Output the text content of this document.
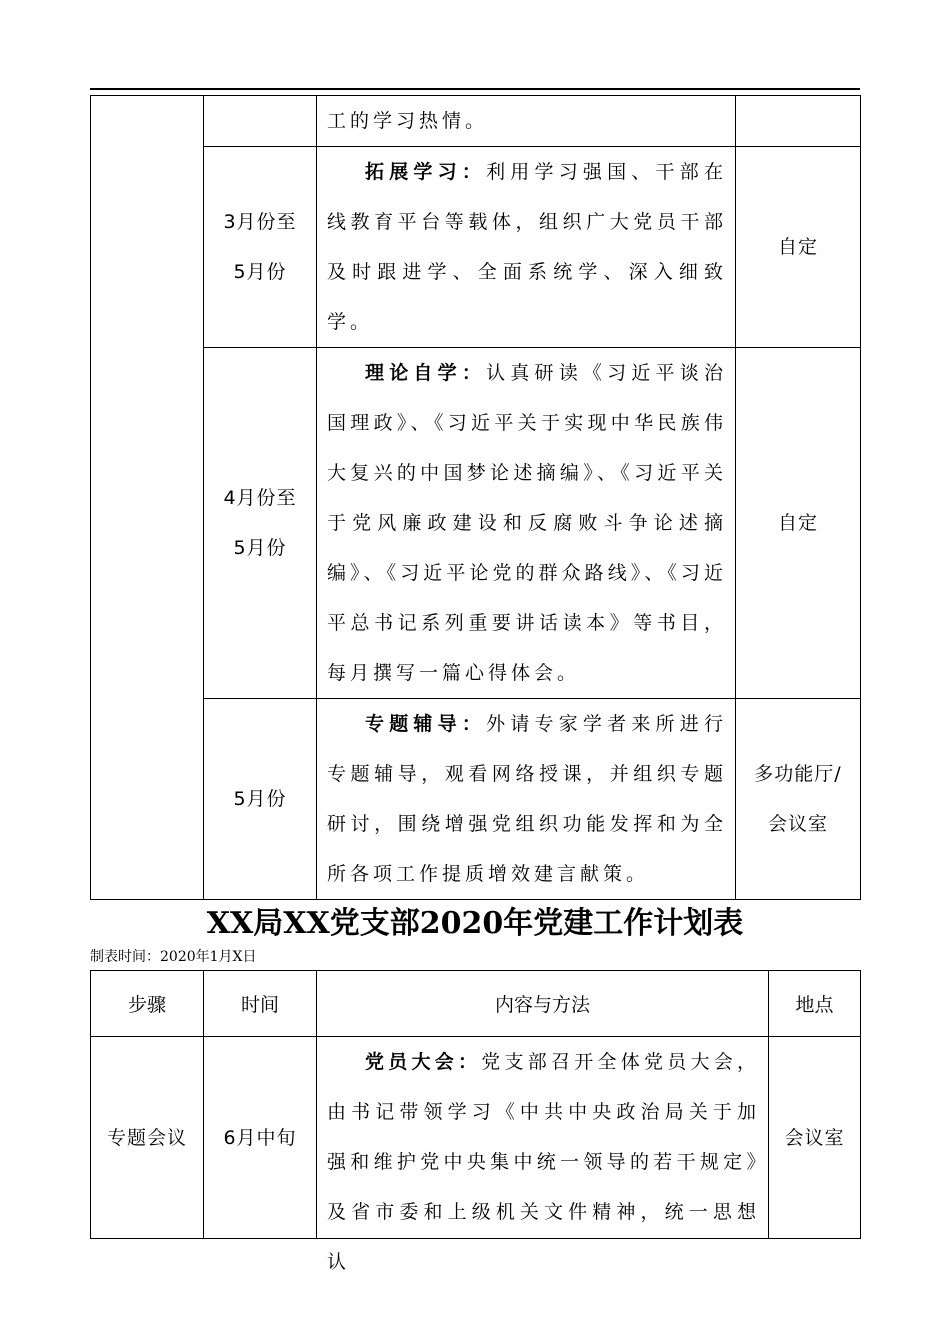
		工的学习热情。	

	3月份至
5月份	拓展学习：利用学习强国、干部在线教育平台等载体，组织广大党员干部及时跟进学、全面系统学、深入细致学。	自定

	4月份至
5月份	理论自学：认真研读《习近平谈治国理政》、《习近平关于实现中华民族伟大复兴的中国梦论述摘编》、《习近平关于党风廉政建设和反腐败斗争论述摘编》、《习近平论党的群众路线》、《习近平总书记系列重要讲话读本》等书目，每月撰写一篇心得体会。	自定
	5月份	专题辅导：外请专家学者来所进行专题辅导，观看网络授课，并组织专题研讨，围绕增强党组织功能发挥和为全所各项工作提质增效建言献策。	多功能厅/
会议室
XX局XX党支部2020年党建工作计划表
制表时间：2020年1月X日
步骤	时间	内容与方法	地点
专题会议	6月中旬	党员大会：党支部召开全体党员大会，由书记带领学习《中共中央政治局关于加强和维护党中央集中统一领导的若干规定》及省市委和上级机关文件精神，统一思想认	会议室
